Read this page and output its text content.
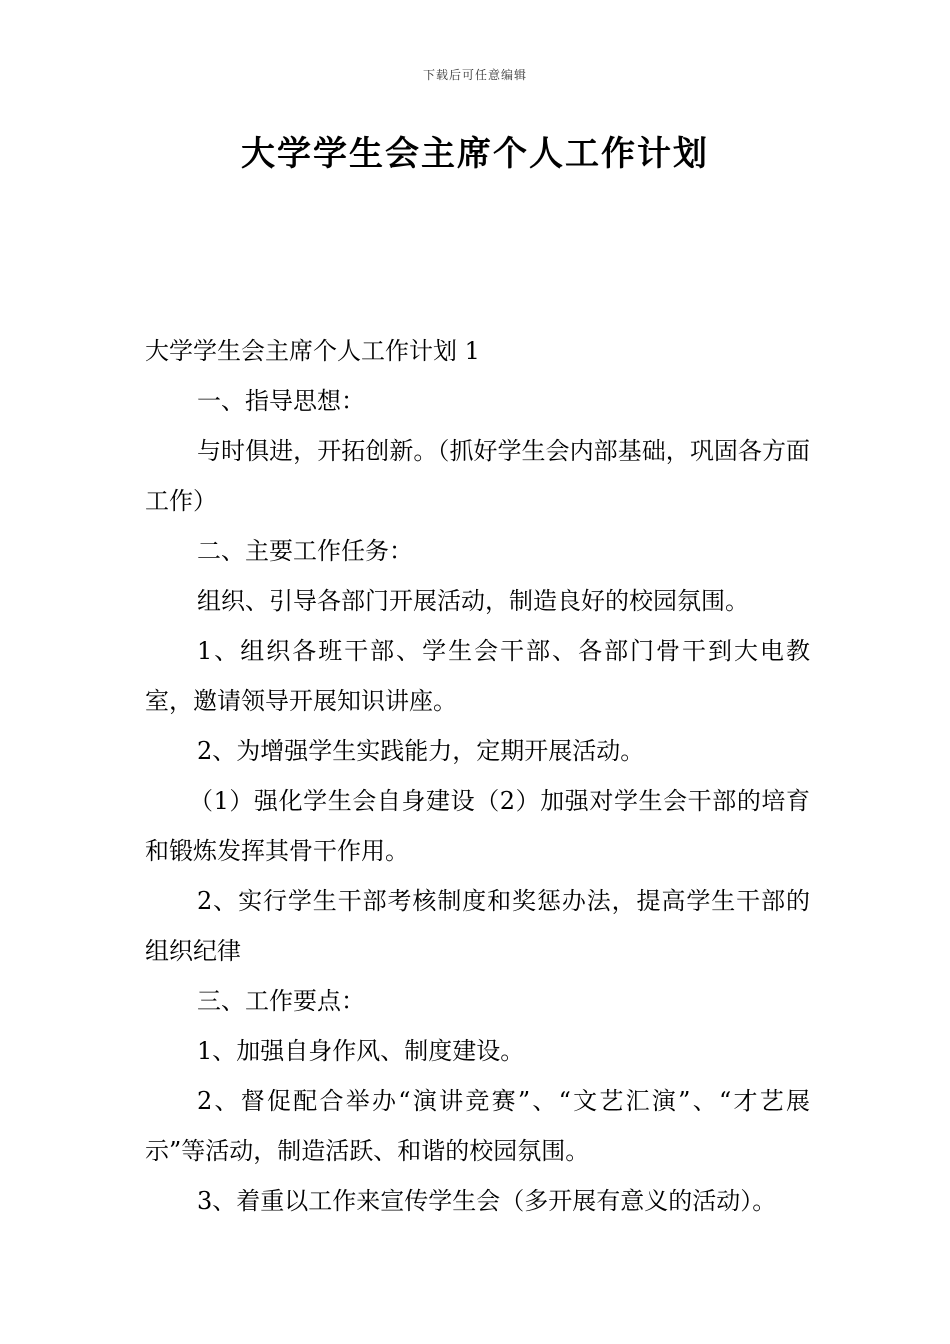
下载后可任意编辑
大学学生会主席个人工作计划

大学学生会主席个人工作计划 1

一、指导思想：

与时俱进，开拓创新。（抓好学生会内部基础，巩固各方面工作）

二、主要工作任务：

组织、引导各部门开展活动，制造良好的校园氛围。

1、组织各班干部、学生会干部、各部门骨干到大电教室，邀请领导开展知识讲座。

2、为增强学生实践能力，定期开展活动。

（1）强化学生会自身建设（2）加强对学生会干部的培育和锻炼发挥其骨干作用。

2、实行学生干部考核制度和奖惩办法，提高学生干部的组织纪律

三、工作要点：

1、加强自身作风、制度建设。

2、督促配合举办“演讲竞赛”、“文艺汇演”、“才艺展示”等活动，制造活跃、和谐的校园氛围。

3、着重以工作来宣传学生会（多开展有意义的活动）。
